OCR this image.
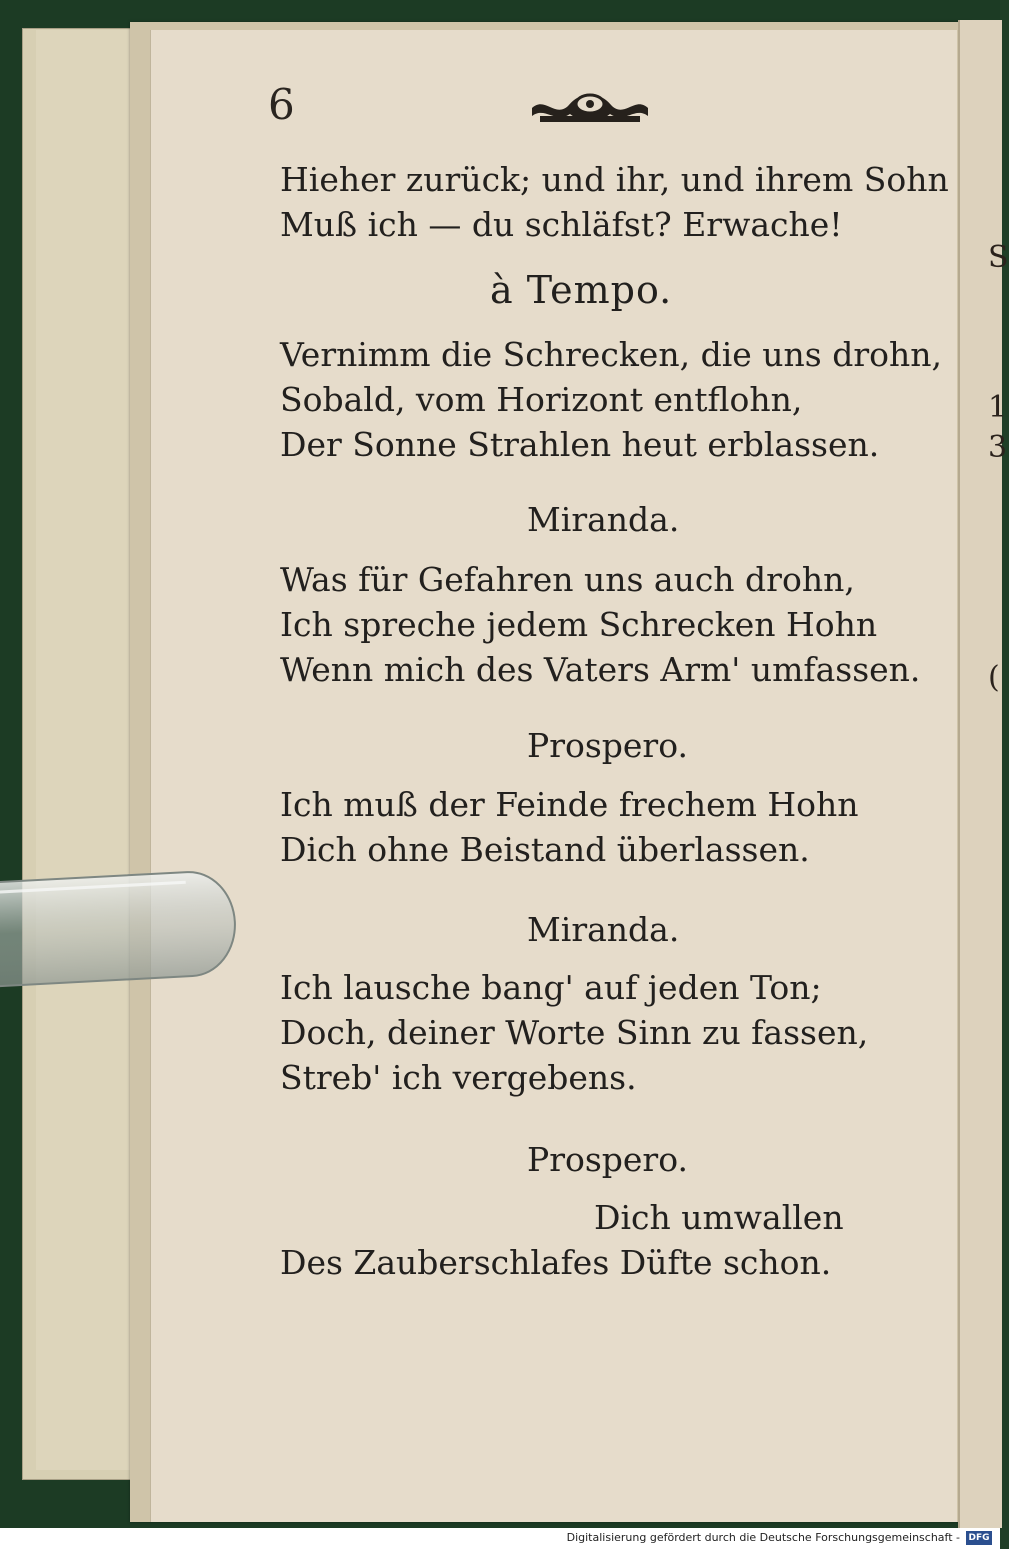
S
1
3
(
6
Hieher zurück; und ihr, und ihrem Sohn
Muß ich — du schläfst? Erwache!
à Tempo.
Vernimm die Schrecken, die uns drohn,
Sobald, vom Horizont entflohn,
Der Sonne Strahlen heut erblassen.
Miranda.
Was für Gefahren uns auch drohn,
Ich spreche jedem Schrecken Hohn
Wenn mich des Vaters Arm' umfassen.
Prospero.
Ich muß der Feinde frechem Hohn
Dich ohne Beistand überlassen.
Miranda.
Ich lausche bang' auf jeden Ton;
Doch, deiner Worte Sinn zu fassen,
Streb' ich vergebens.
Prospero.
Dich umwallen
Des Zauberschlafes Düfte schon.
Digitalisierung gefördert durch die Deutsche Forschungsgemeinschaft - DFG
